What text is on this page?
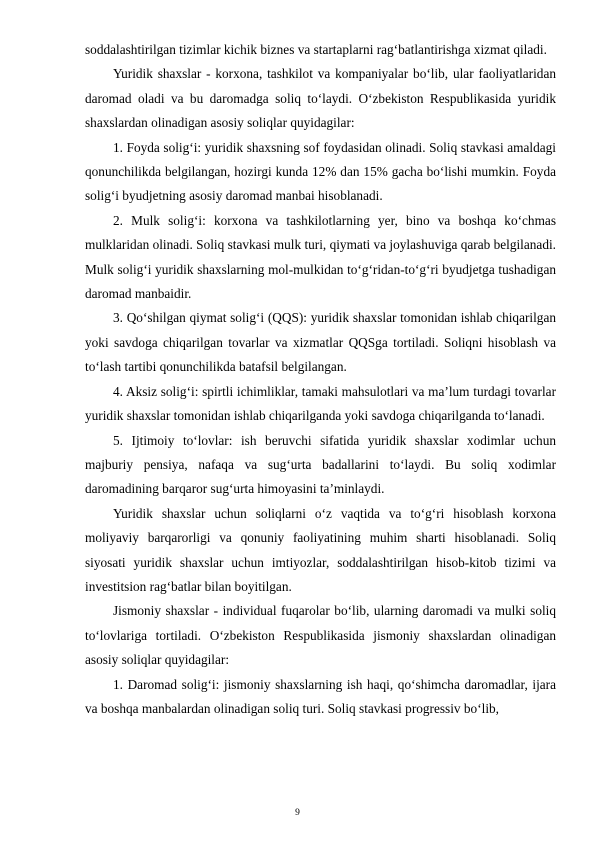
soddalashtirilgan tizimlar kichik biznes va startaplarni rag‘batlantirishga xizmat qiladi.

Yuridik shaxslar - korxona, tashkilot va kompaniyalar bo‘lib, ular faoliyatlaridan daromad oladi va bu daromadga soliq to‘laydi. O‘zbekiston Respublikasida yuridik shaxslardan olinadigan asosiy soliqlar quyidagilar:

1. Foyda solig‘i: yuridik shaxsning sof foydasidan olinadi. Soliq stavkasi amaldagi qonunchilikda belgilangan, hozirgi kunda 12% dan 15% gacha bo‘lishi mumkin. Foyda solig‘i byudjetning asosiy daromad manbai hisoblanadi.

2. Mulk solig‘i: korxona va tashkilotlarning yer, bino va boshqa ko‘chmas mulklaridan olinadi. Soliq stavkasi mulk turi, qiymati va joylashuviga qarab belgilanadi. Mulk solig‘i yuridik shaxslarning mol-mulkidan to‘g‘ridan-to‘g‘ri byudjetga tushadigan daromad manbaidir.

3. Qo‘shilgan qiymat solig‘i (QQS): yuridik shaxslar tomonidan ishlab chiqarilgan yoki savdoga chiqarilgan tovarlar va xizmatlar QQSga tortiladi. Soliqni hisoblash va to‘lash tartibi qonunchilikda batafsil belgilangan.

4. Aksiz solig‘i: spirtli ichimliklar, tamaki mahsulotlari va ma’lum turdagi tovarlar yuridik shaxslar tomonidan ishlab chiqarilganda yoki savdoga chiqarilganda to‘lanadi.

5. Ijtimoiy to‘lovlar: ish beruvchi sifatida yuridik shaxslar xodimlar uchun majburiy pensiya, nafaqa va sug‘urta badallarini to‘laydi. Bu soliq xodimlar daromadining barqaror sug‘urta himoyasini ta’minlaydi.

Yuridik shaxslar uchun soliqlarni o‘z vaqtida va to‘g‘ri hisoblash korxona moliyaviy barqarorligi va qonuniy faoliyatining muhim sharti hisoblanadi. Soliq siyosati yuridik shaxslar uchun imtiyozlar, soddalashtirilgan hisob-kitob tizimi va investitsion rag‘batlar bilan boyitilgan.

Jismoniy shaxslar - individual fuqarolar bo‘lib, ularning daromadi va mulki soliq to‘lovlariga tortiladi. O‘zbekiston Respublikasida jismoniy shaxslardan olinadigan asosiy soliqlar quyidagilar:

1. Daromad solig‘i: jismoniy shaxslarning ish haqi, qo‘shimcha daromadlar, ijara va boshqa manbalardan olinadigan soliq turi. Soliq stavkasi progressiv bo‘lib,

9
